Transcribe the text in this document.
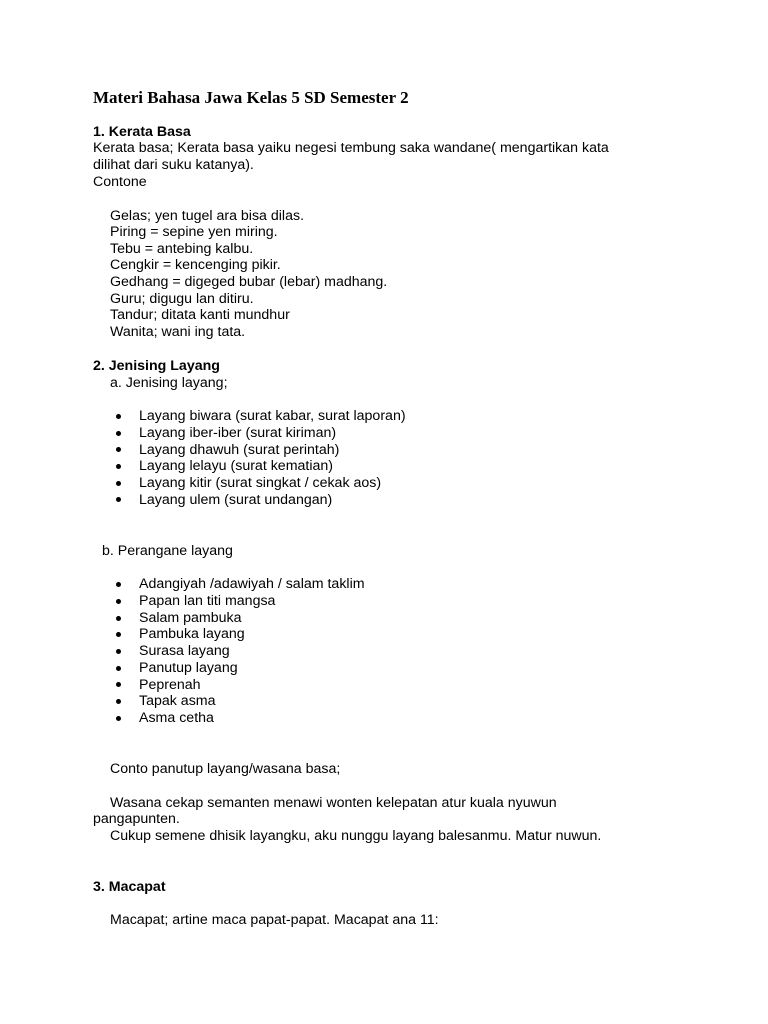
Materi Bahasa Jawa Kelas 5 SD Semester 2
1. Kerata Basa
Kerata basa; Kerata basa yaiku negesi tembung saka wandane( mengartikan kata
dilihat dari suku katanya).
Contone
Gelas; yen tugel ara bisa dilas.
Piring = sepine yen miring.
Tebu = antebing kalbu.
Cengkir = kencenging pikir.
Gedhang = digeged bubar (lebar) madhang.
Guru; digugu lan ditiru.
Tandur; ditata kanti mundhur
Wanita; wani ing tata.
2. Jenising Layang
a. Jenising layang;
Layang biwara (surat kabar, surat laporan)
Layang iber-iber (surat kiriman)
Layang dhawuh (surat perintah)
Layang lelayu (surat kematian)
Layang kitir (surat singkat / cekak aos)
Layang ulem (surat undangan)
b. Perangane layang
Adangiyah /adawiyah / salam taklim
Papan lan titi mangsa
Salam pambuka
Pambuka layang
Surasa layang
Panutup layang
Peprenah
Tapak asma
Asma cetha
Conto panutup layang/wasana basa;
Wasana cekap semanten menawi wonten kelepatan atur kuala nyuwun
pangapunten.
Cukup semene dhisik layangku, aku nunggu layang balesanmu. Matur nuwun.
3. Macapat
Macapat; artine maca papat-papat. Macapat ana 11:
